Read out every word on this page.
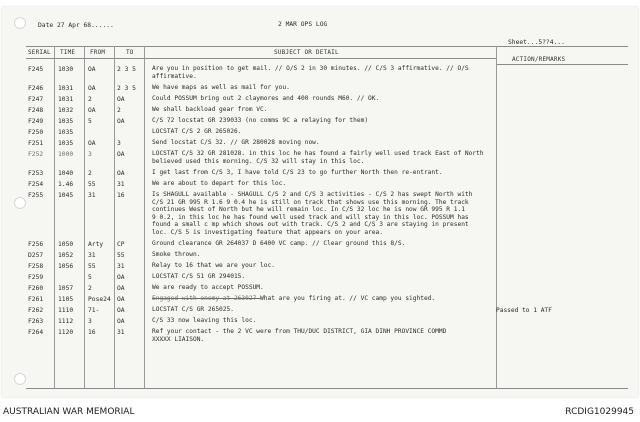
Date 27 Apr 68......	2 MAR OPS LOG
Sheet...5??4...
SERIAL TIME FROM	TO	SUBJECT OR DETAIL
ACTION/REMARKS
F245 1030 OA	2 3 5	Are you in position to get mail. // O/S 2 in 30 minutes. // C/S 3 affirmative. // O/S
affirmative.
F246 1031 OA	2 3 5	We have maps as well as mail for you.
F247 1031 2	OA	Could POSSUM bring out 2 claymores and 400 rounds M60. // OK.
F248 1032 OA	2	We shall backload gear from VC.
F249 1035 5	OA	C/S 72 locstat GR 239033 (no comms 9C a relaying for them)
F250 1035	LOCSTAT C/S 2 GR 265026.
F251 1035 OA	3	Send locstat C/S 32. // GR 280028 moving now.
F252 1000 3	OA	LOCSTAT C/S 32 GR 281028. in this loc he has found a fairly well used track East of North
believed used this morning. C/S 32 will stay in this loc.
F253 1040 2	OA	I get last from C/S 3, I have told C/S 23 to go further North then re-entrant.
F254 1.46 55	31	We are about to depart for this loc.
F255 1045 31	16	Is SHAGULL available - SHAGULL C/S 2 and C/S 3 activities - C/S 2 has swept North with
C/S 21 GR 995 R 1.6 9 0.4 he is still on track that shows use this morning. The track
continues West of North but he will remain loc. In C/S 32 loc he is now GR 995 R 1.1
9 0.2, in this loc he has found well used track and will stay in this loc. POSSUM has
found a small c mp which shows out with track. C/S 2 and C/S 3 are staying in present
loc. C/S 5 is investigating feature that appears on your area.
F256 1050 Arty CP	Ground clearance GR 264037 D 6400 VC camp. // Clear ground this 8/S.
D257 1052 31	55	Smoke thrown.
F258 1056 55	31	Relay to 16 that we are your loc.
F259	5	OA	LOCSTAT C/S 51 GR 294015.
F260 1057 2	OA	We are ready to accept POSSUM.
F261 1105 Pose24 OA	Engaged with enemy at 263027 What are you firing at. // VC camp you sighted.
F262 1110 71-	OA	LOCSTAT C/S GR 265025.	Passed to 1 ATF
F263 1112 3	OA	C/S 33 now leaving this loc.
F264 1120 16	31	Ref your contact - the 2 VC were from THU/DUC DISTRICT, GIA DINH PROVINCE COMMD
XXXXX LIAISON.
AUSTRALIAN WAR MEMORIAL	RCDIG1029945
